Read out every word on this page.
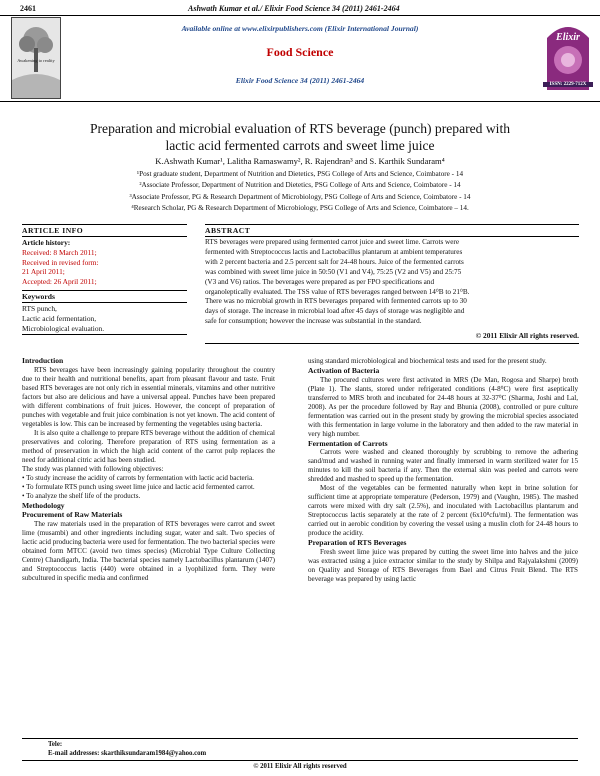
2461	Ashwath Kumar et al./ Elixir Food Science 34 (2011) 2461-2464
Awakening to reality
Available online at www.elixirpublishers.com (Elixir International Journal)
Food Science
Elixir Food Science 34 (2011) 2461-2464
Elixir
ISSN: 2229-712X
Preparation and microbial evaluation of RTS beverage (punch) prepared with
lactic acid fermented carrots and sweet lime juice
K.Ashwath Kumar¹, Lalitha Ramaswamy², R. Rajendran³ and S. Karthik Sundaram⁴
¹Post graduate student, Department of Nutrition and Dietetics, PSG College of Arts and Science, Coimbatore - 14
²Associate Professor, Department of Nutrition and Dietetics, PSG College of Arts and Science, Coimbatore - 14
³Associate Professor, PG & Research Department of Microbiology, PSG College of Arts and Science, Coimbatore - 14
⁴Research Scholar, PG & Research Department of Microbiology, PSG College of Arts and Science, Coimbatore – 14.
ARTICLE INFO
Article history:
Received: 8 March 2011;
Received in revised form:
21 April 2011;
Accepted: 26 April 2011;
Keywords
RTS punch,
Lactic acid fermentation,
Microbiological evaluation.
ABSTRACT
RTS beverages were prepared using fermented carrot juice and sweet lime. Carrots were
fermented with Streptococcus lactis and Lactobacillus plantarum at ambient temperatures
with 2 percent bacteria and 2.5 percent salt for 24-48 hours. Juice of the fermented carrots
was combined with sweet lime juice in 50:50 (V1 and V4), 75:25 (V2 and V5) and 25:75
(V3 and V6) ratios. The beverages were prepared as per FPO specifications and
organoleptically evaluated. The TSS value of RTS beverages ranged between 14⁰B to 21⁰B.
There was no microbial growth in RTS beverages prepared with fermented carrots up to 30
days of storage. The increase in microbial load after 45 days of storage was negligible and
safe for consumption; however the increase was substantial in the standard.
© 2011 Elixir All rights reserved.
Introduction

RTS beverages have been increasingly gaining popularity throughout the country due to their health and nutritional benefits, apart from pleasant flavour and taste. Fruit based RTS beverages are not only rich in essential minerals, vitamins and other nutritive factors but also are delicious and have a universal appeal. Punches have been prepared with different combinations of fruit juices. However, the concept of preparation of punches with vegetable and fruit juice combination is not yet known. The acid content of vegetables is low. This can be increased by fermenting the vegetables using bacteria.

It is also quite a challenge to prepare RTS beverage without the addition of chemical preservatives and coloring. Therefore preparation of RTS using fermentation as a method of preservation in which the high acid content of the carrot pulp replaces the need for additional citric acid has been studied.

The study was planned with following objectives:
• To study increase the acidity of carrots by fermentation with lactic acid bacteria.
• To formulate RTS punch using sweet lime juice and lactic acid fermented carrot.
• To analyze the shelf life of the products.
Methodology
Procurement of Raw Materials

The raw materials used in the preparation of RTS beverages were carrot and sweet lime (musambi) and other ingredients including sugar, water and salt. Two species of lactic acid producing bacteria were used for fermentation. The two bacterial species were obtained form MTCC (avoid two times species) (Microbial Type Culture Collecting Centre) Chandigarh, India. The bacterial species namely Lactobacillus plantarum (1407) and Streptococcus lactis (440) were obtained in a lyophilized form. They were subcultured in specific media and confirmed

using standard microbiological and biochemical tests and used for the present study.
Activation of Bacteria

The procured cultures were first activated in MRS (De Man, Rogosa and Sharpe) broth (Plate 1). The slants, stored under refrigerated conditions (4-8⁰C) were first aseptically transferred to MRS broth and incubated for 24-48 hours at 32-37⁰C (Sharma, Joshi and Lal, 2008). As per the procedure followed by Ray and Bhunia (2008), controlled or pure culture fermentation was carried out in the present study by growing the microbial species associated with this fermentation in large volume in the laboratory and then added to the raw material in very high number.

Fermentation of Carrots

Carrots were washed and cleaned thoroughly by scrubbing to remove the adhering sand/mud and washed in running water and finally immersed in warm sterilized water for 15 minutes to kill the soil bacteria if any. Then the external skin was peeled and carrots were shredded and mashed to speed up the fermentation.

Most of the vegetables can be fermented naturally when kept in brine solution for sufficient time at appropriate temperature (Pederson, 1979) and (Vaughn, 1985). The mashed carrots were mixed with dry salt (2.5%), and inoculated with Lactobacillus plantarum and Streptococcus lactis separately at the rate of 2 percent (6x10⁸cfu/ml). The fermentation was carried out in aerobic condition by covering the vessel using a muslin cloth for 24-48 hours to produce the acidity.

Preparation of RTS Beverages

Fresh sweet lime juice was prepared by cutting the sweet lime into halves and the juice was extracted using a juice extractor similar to the study by Shilpa and Rajyalakshmi (2009) on Quality and Storage of RTS Beverages from Bael and Citrus Fruit Blend. The RTS beverage was prepared by using lactic

Tele:
E-mail addresses: skarthiksundaram1984@yahoo.com
© 2011 Elixir All rights reserved
